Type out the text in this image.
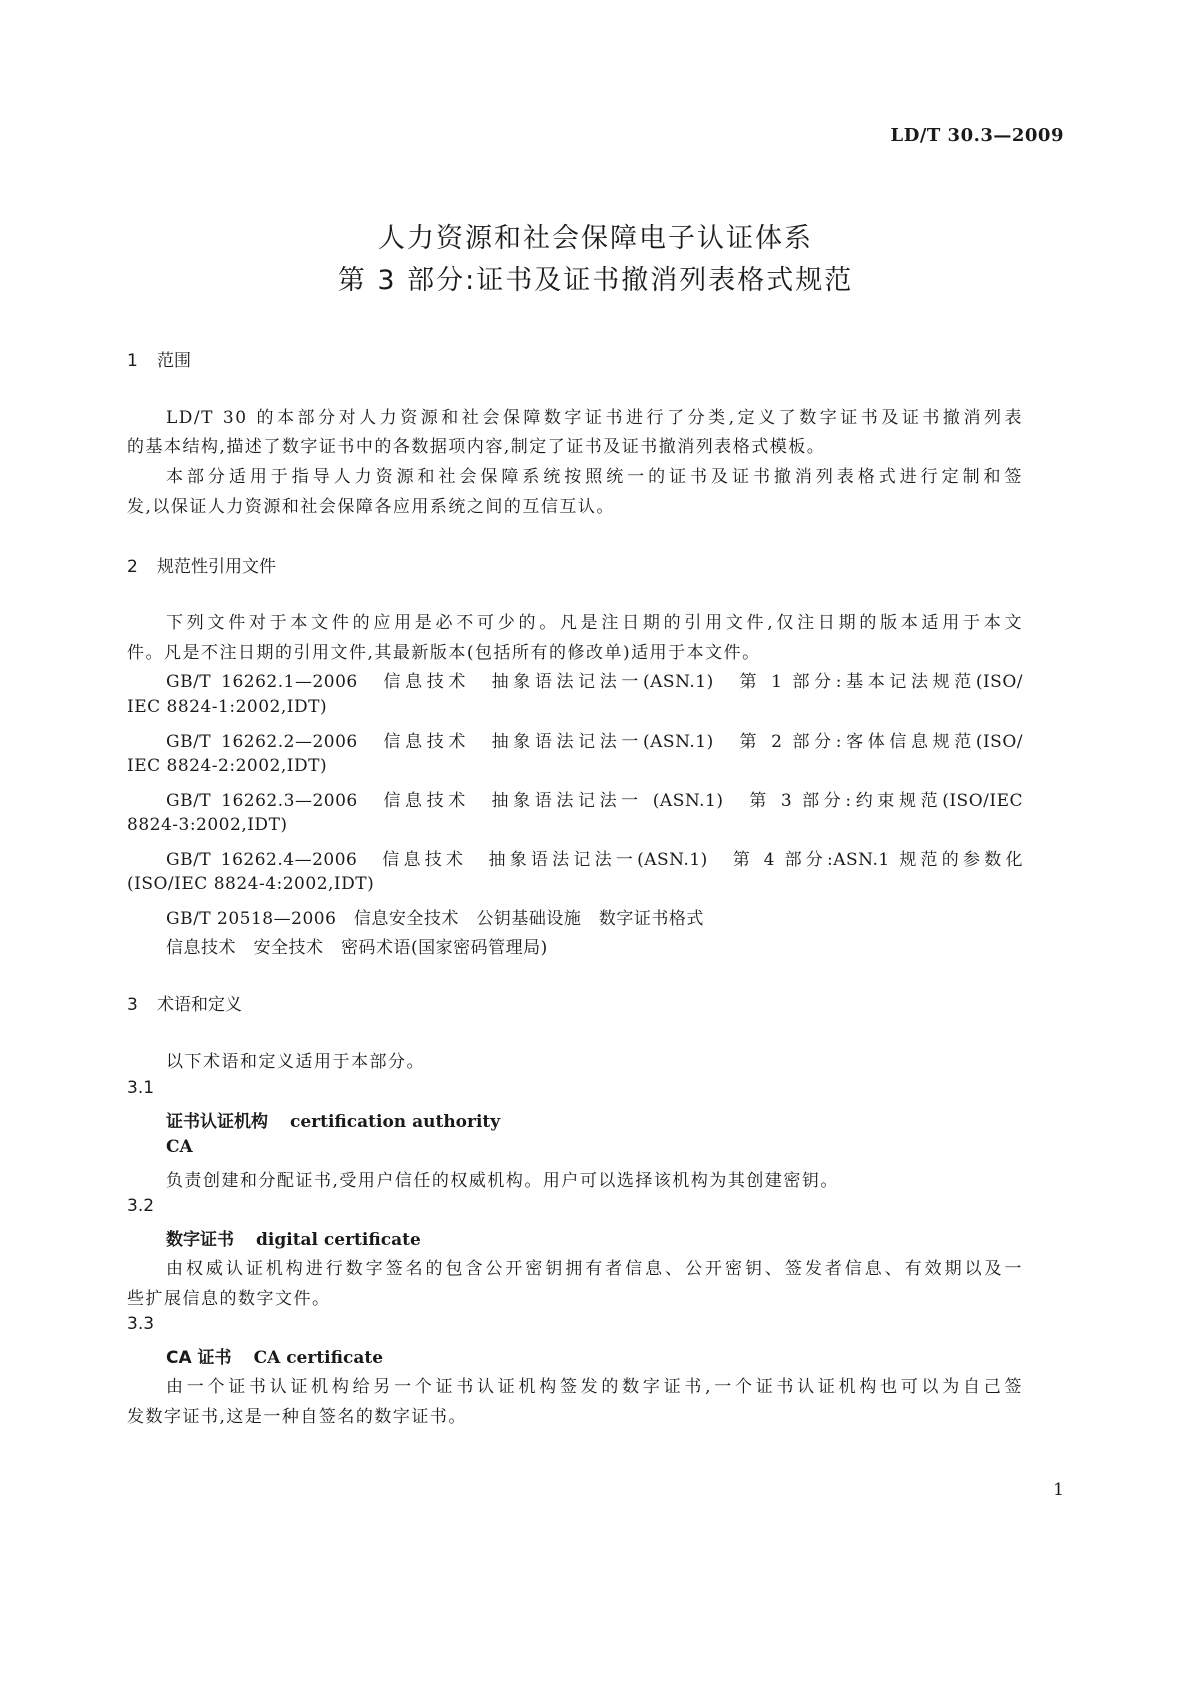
LD/T 30.3—2009
人力资源和社会保障电子认证体系
第 3 部分:证书及证书撤消列表格式规范
1 范围
LD/T 30 的本部分对人力资源和社会保障数字证书进行了分类,定义了数字证书及证书撤消列表
的基本结构,描述了数字证书中的各数据项内容,制定了证书及证书撤消列表格式模板。
本部分适用于指导人力资源和社会保障系统按照统一的证书及证书撤消列表格式进行定制和签
发,以保证人力资源和社会保障各应用系统之间的互信互认。
2 规范性引用文件
下列文件对于本文件的应用是必不可少的。凡是注日期的引用文件,仅注日期的版本适用于本文
件。凡是不注日期的引用文件,其最新版本(包括所有的修改单)适用于本文件。
GB/T 16262.1—2006　信息技术　抽象语法记法一(ASN.1)　第 1 部分:基本记法规范(ISO/
IEC 8824-1:2002,IDT)
GB/T 16262.2—2006　信息技术　抽象语法记法一(ASN.1)　第 2 部分:客体信息规范(ISO/
IEC 8824-2:2002,IDT)
GB/T 16262.3—2006　信息技术　抽象语法记法一 (ASN.1)　第 3 部分:约束规范(ISO/IEC
8824-3:2002,IDT)
GB/T 16262.4—2006　信息技术　抽象语法记法一(ASN.1)　第 4 部分:ASN.1 规范的参数化
(ISO/IEC 8824-4:2002,IDT)
GB/T 20518—2006　信息安全技术　公钥基础设施　数字证书格式
信息技术　安全技术　密码术语(国家密码管理局)
3 术语和定义
以下术语和定义适用于本部分。
3.1
证书认证机构 certification authority
CA
负责创建和分配证书,受用户信任的权威机构。用户可以选择该机构为其创建密钥。
3.2
数字证书 digital certificate
由权威认证机构进行数字签名的包含公开密钥拥有者信息、公开密钥、签发者信息、有效期以及一
些扩展信息的数字文件。
3.3
CA 证书 CA certificate
由一个证书认证机构给另一个证书认证机构签发的数字证书,一个证书认证机构也可以为自己签
发数字证书,这是一种自签名的数字证书。
1
